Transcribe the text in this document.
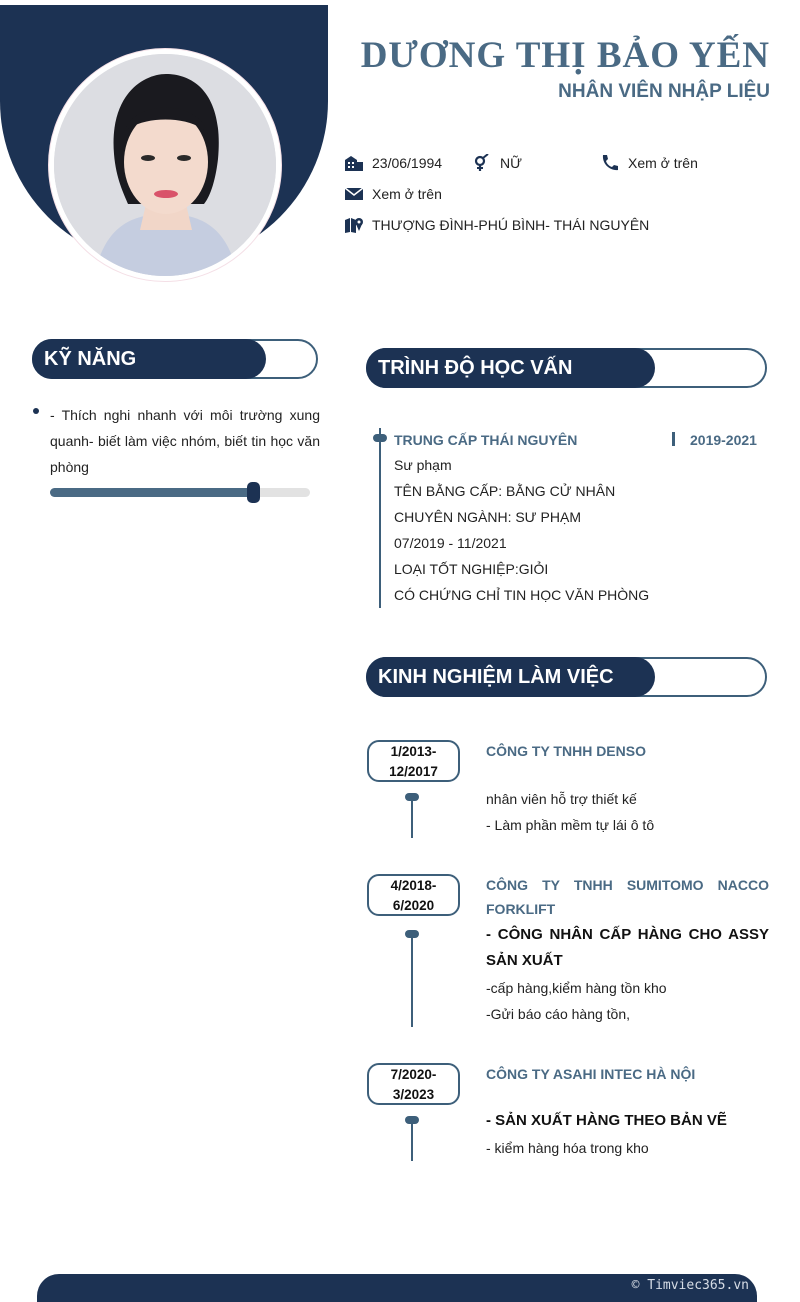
DƯƠNG THỊ BẢO YẾN
NHÂN VIÊN NHẬP LIỆU
23/06/1994	NỮ	Xem ở trên
Xem ở trên
THƯỢNG ĐÌNH-PHÚ BÌNH- THÁI NGUYÊN
KỸ NĂNG
- Thích nghi nhanh với môi trường xung quanh- biết làm việc nhóm, biết tin học văn phòng
TRÌNH ĐỘ HỌC VẤN
TRUNG CẤP THÁI NGUYÊN	2019-2021
Sư phạm
TÊN BẰNG CẤP: BẰNG CỬ NHÂN
CHUYÊN NGÀNH: SƯ PHẠM
07/2019 - 11/2021
LOẠI TỐT NGHIỆP:GIỎI
CÓ CHỨNG CHỈ TIN HỌC VĂN PHÒNG
KINH NGHIỆM LÀM VIỆC
1/2013-
12/2017
CÔNG TY TNHH DENSO
nhân viên hỗ trợ thiết kế
- Làm phần mềm tự lái ô tô
4/2018-
6/2020
CÔNG TY TNHH SUMITOMO NACCO FORKLIFT
- CÔNG NHÂN CẤP HÀNG CHO ASSY SẢN XUẤT
-cấp hàng,kiểm hàng tồn kho
-Gửi báo cáo hàng tồn,
7/2020-
3/2023
CÔNG TY ASAHI INTEC HÀ NỘI
- SẢN XUẤT HÀNG THEO BẢN VẼ
- kiểm hàng hóa trong kho
© Timviec365.vn
